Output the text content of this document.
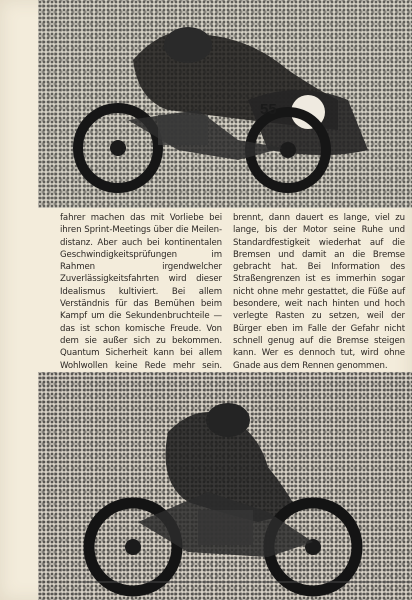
55

fahrer machen das mit Vorliebe bei ihren Sprint-Meetings über die Meilen-distanz. Aber auch bei kontinentalen Geschwindigkeitsprüfungen im Rahmen irgendwelcher Zuverlässigkeitsfahrten wird dieser Idealismus kultiviert. Bei allem Verständnis für das Bemühen beim Kampf um die Sekundenbruchteile — das ist schon komische Freude. Von dem sie außer sich zu bekommen. Quantum Sicherheit kann bei allem Wohlwollen keine Rede mehr sein.

brennt, dann dauert es lange, viel zu lange, bis der Motor seine Ruhe und Standardfestigkeit wiederhat auf die Bremsen und damit an die Bremse gebracht hat. Bei Information des Straßengrenzen ist es immerhin sogar nicht ohne mehr gestattet, die Füße auf besondere, weit nach hinten und hoch verlegte Rasten zu setzen, weil der Bürger eben im Falle der Gefahr nicht schnell genug auf die Bremse steigen kann. Wer es dennoch tut, wird ohne Gnade aus dem Rennen genommen.
